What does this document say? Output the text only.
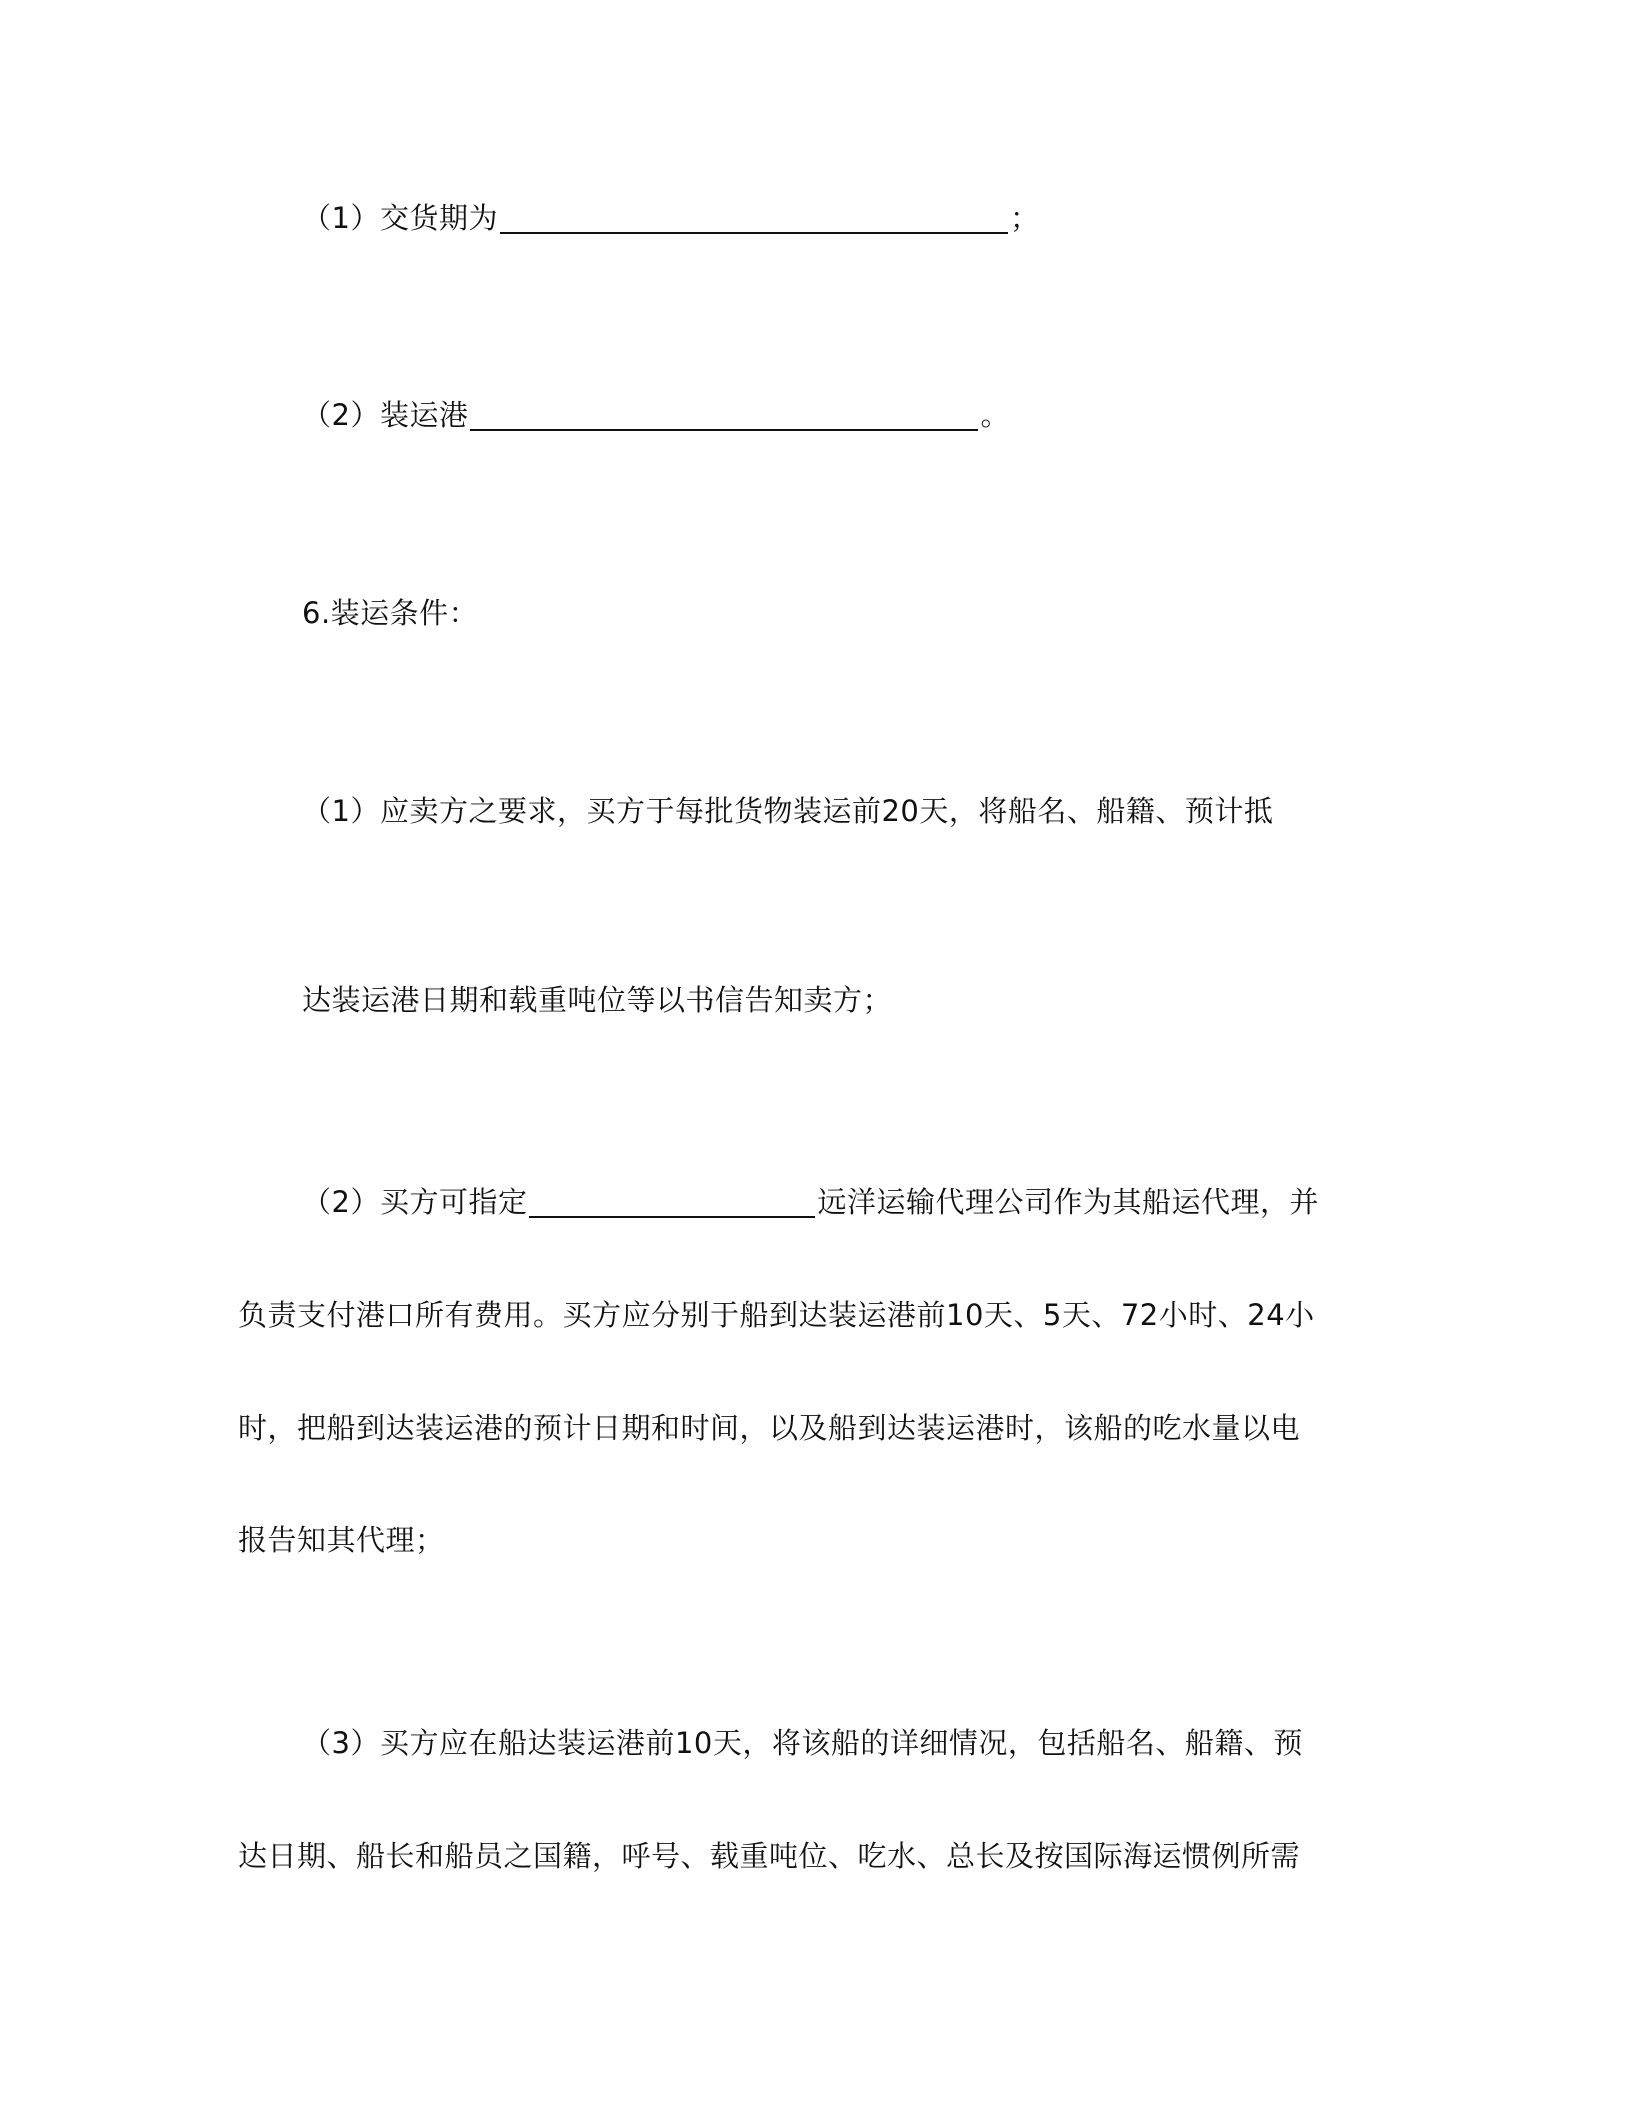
（1）交货期为	；
（2）装运港	。
6.装运条件：
（1）应卖方之要求，买方于每批货物装运前20天，将船名、船籍、预计抵
达装运港日期和载重吨位等以书信告知卖方；
（2）买方可指定	远洋运输代理公司作为其船运代理，并
负责支付港口所有费用。买方应分别于船到达装运港前10天、5天、72小时、24小
时，把船到达装运港的预计日期和时间，以及船到达装运港时，该船的吃水量以电
报告知其代理；
（3）买方应在船达装运港前10天，将该船的详细情况，包括船名、船籍、预
达日期、船长和船员之国籍，呼号、载重吨位、吃水、总长及按国际海运惯例所需
